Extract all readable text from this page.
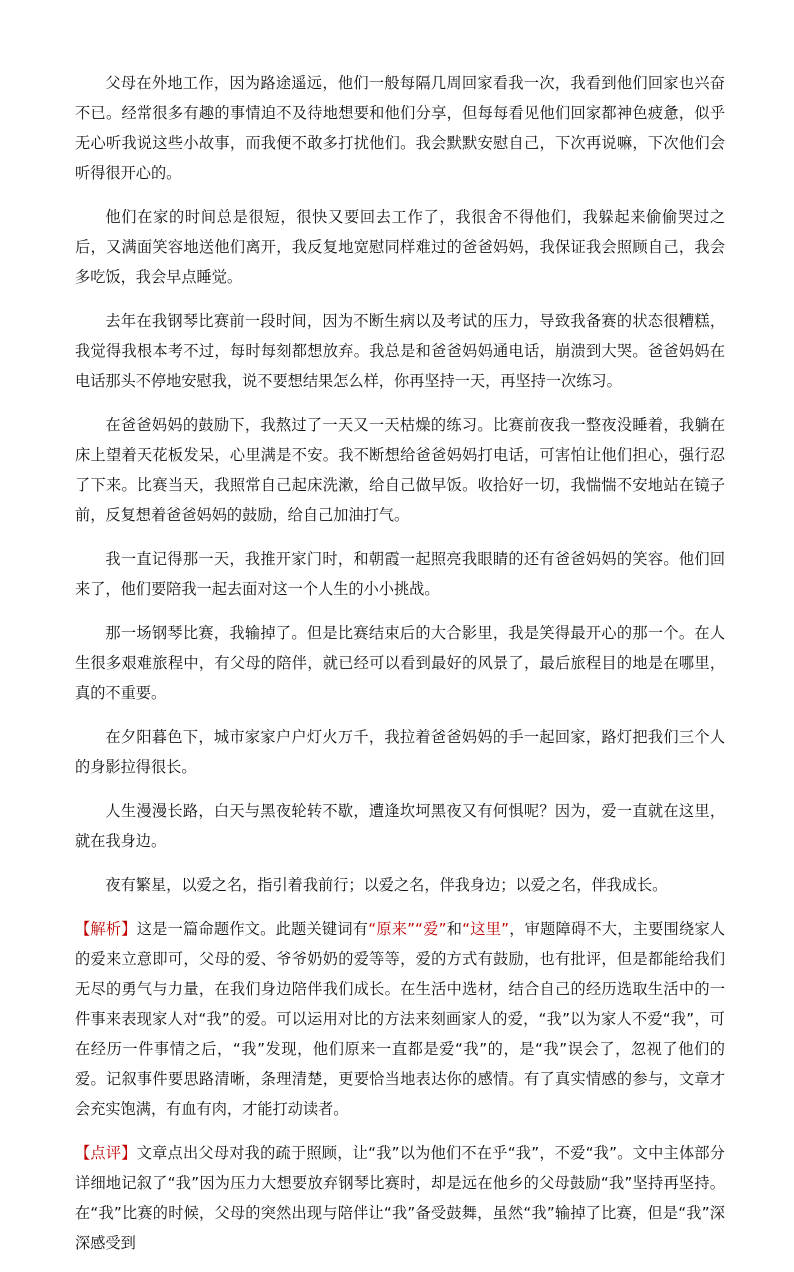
父母在外地工作，因为路途遥远，他们一般每隔几周回家看我一次，我看到他们回家也兴奋不已。经常很多有趣的事情迫不及待地想要和他们分享，但每每看见他们回家都神色疲惫，似乎无心听我说这些小故事，而我便不敢多打扰他们。我会默默安慰自己，下次再说嘛，下次他们会听得很开心的。

他们在家的时间总是很短，很快又要回去工作了，我很舍不得他们，我躲起来偷偷哭过之后，又满面笑容地送他们离开，我反复地宽慰同样难过的爸爸妈妈，我保证我会照顾自己，我会多吃饭，我会早点睡觉。

去年在我钢琴比赛前一段时间，因为不断生病以及考试的压力，导致我备赛的状态很糟糕，我觉得我根本考不过，每时每刻都想放弃。我总是和爸爸妈妈通电话，崩溃到大哭。爸爸妈妈在电话那头不停地安慰我，说不要想结果怎么样，你再坚持一天，再坚持一次练习。

在爸爸妈妈的鼓励下，我熬过了一天又一天枯燥的练习。比赛前夜我一整夜没睡着，我躺在床上望着天花板发呆，心里满是不安。我不断想给爸爸妈妈打电话，可害怕让他们担心，强行忍了下来。比赛当天，我照常自己起床洗漱，给自己做早饭。收拾好一切，我惴惴不安地站在镜子前，反复想着爸爸妈妈的鼓励，给自己加油打气。

我一直记得那一天，我推开家门时，和朝霞一起照亮我眼睛的还有爸爸妈妈的笑容。他们回来了，他们要陪我一起去面对这一个人生的小小挑战。

那一场钢琴比赛，我输掉了。但是比赛结束后的大合影里，我是笑得最开心的那一个。在人生很多艰难旅程中，有父母的陪伴，就已经可以看到最好的风景了，最后旅程目的地是在哪里，真的不重要。

在夕阳暮色下，城市家家户户灯火万千，我拉着爸爸妈妈的手一起回家，路灯把我们三个人的身影拉得很长。

人生漫漫长路，白天与黑夜轮转不歇，遭逢坎坷黑夜又有何惧呢？因为，爱一直就在这里，就在我身边。

夜有繁星，以爱之名，指引着我前行；以爱之名，伴我身边；以爱之名，伴我成长。

【解析】这是一篇命题作文。此题关键词有“原来”“爱”和“这里”，审题障碍不大，主要围绕家人的爱来立意即可，父母的爱、爷爷奶奶的爱等等，爱的方式有鼓励，也有批评，但是都能给我们无尽的勇气与力量，在我们身边陪伴我们成长。在生活中选材，结合自己的经历选取生活中的一件事来表现家人对“我”的爱。可以运用对比的方法来刻画家人的爱，“我”以为家人不爱“我”，可在经历一件事情之后，“我”发现，他们原来一直都是爱“我”的，是“我”误会了，忽视了他们的爱。记叙事件要思路清晰，条理清楚，更要恰当地表达你的感情。有了真实情感的参与，文章才会充实饱满，有血有肉，才能打动读者。

【点评】文章点出父母对我的疏于照顾，让“我”以为他们不在乎“我”，不爱“我”。文中主体部分详细地记叙了“我”因为压力大想要放弃钢琴比赛时，却是远在他乡的父母鼓励“我”坚持再坚持。在“我”比赛的时候，父母的突然出现与陪伴让“我”备受鼓舞，虽然“我”输掉了比赛，但是“我”深深感受到
